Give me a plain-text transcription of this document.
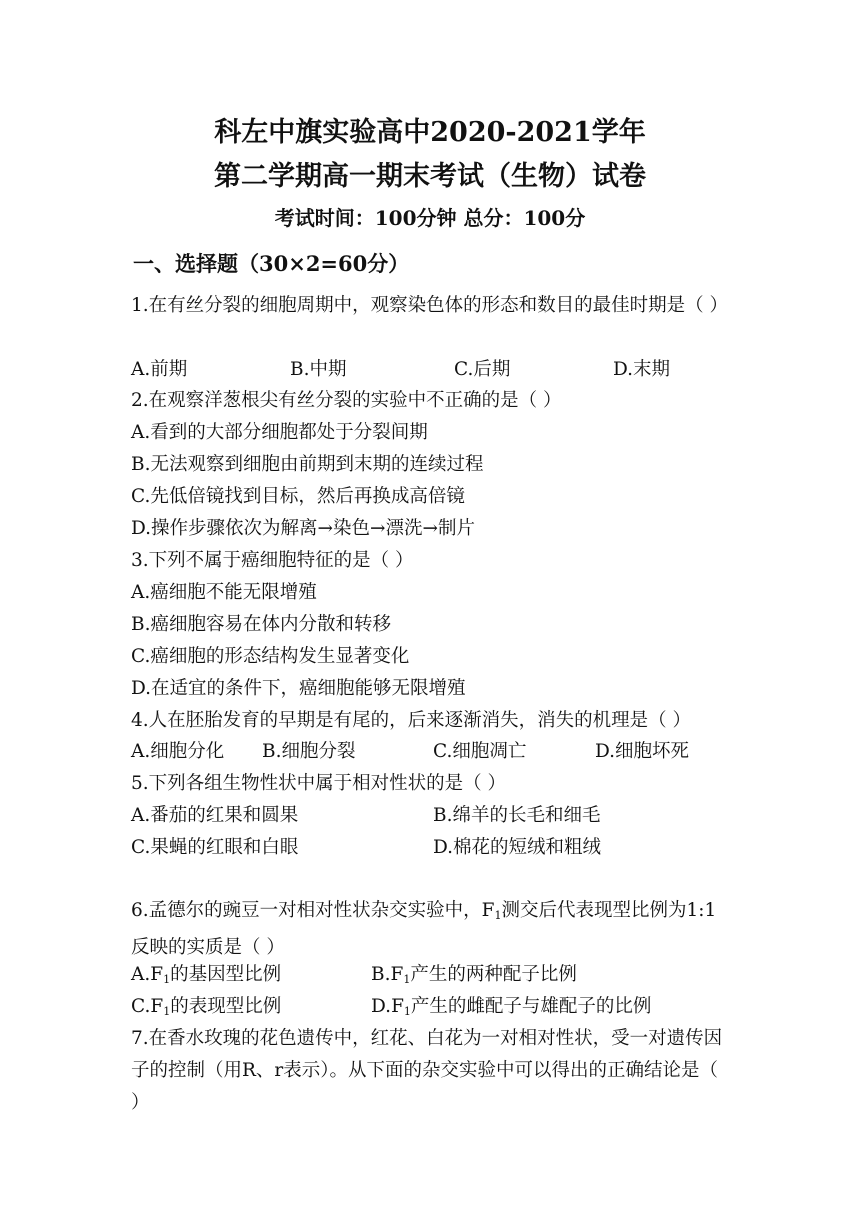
科左中旗实验高中2020-2021学年
第二学期高一期末考试（生物）试卷
考试时间：100分钟 总分：100分
一、选择题（30×2=60分）
1.在有丝分裂的细胞周期中，观察染色体的形态和数目的最佳时期是（ ）
A.前期	B.中期	C.后期	D.末期
2.在观察洋葱根尖有丝分裂的实验中不正确的是（ ）
A.看到的大部分细胞都处于分裂间期
B.无法观察到细胞由前期到末期的连续过程
C.先低倍镜找到目标，然后再换成高倍镜
D.操作步骤依次为解离→染色→漂洗→制片
3.下列不属于癌细胞特征的是（ ）
A.癌细胞不能无限增殖
B.癌细胞容易在体内分散和转移
C.癌细胞的形态结构发生显著变化
D.在适宜的条件下，癌细胞能够无限增殖
4.人在胚胎发育的早期是有尾的，后来逐渐消失，消失的机理是（ ）
A.细胞分化 B.细胞分裂	C.细胞凋亡	D.细胞坏死
5.下列各组生物性状中属于相对性状的是（ ）
A.番茄的红果和圆果	B.绵羊的长毛和细毛
C.果蝇的红眼和白眼	D.棉花的短绒和粗绒
6.孟德尔的豌豆一对相对性状杂交实验中，$F_1$测交后代表现型比例为1:1反映的实质是（ ）
$A.F_1$的基因型比例	$B.F_1$产生的两种配子比例
$C.F_1$的表现型比例	$D.F_1$产生的雌配子与雄配子的比例
7.在香水玫瑰的花色遗传中，红花、白花为一对相对性状，受一对遗传因子的控制（用R、r表示）。从下面的杂交实验中可以得出的正确结论是（ ）
